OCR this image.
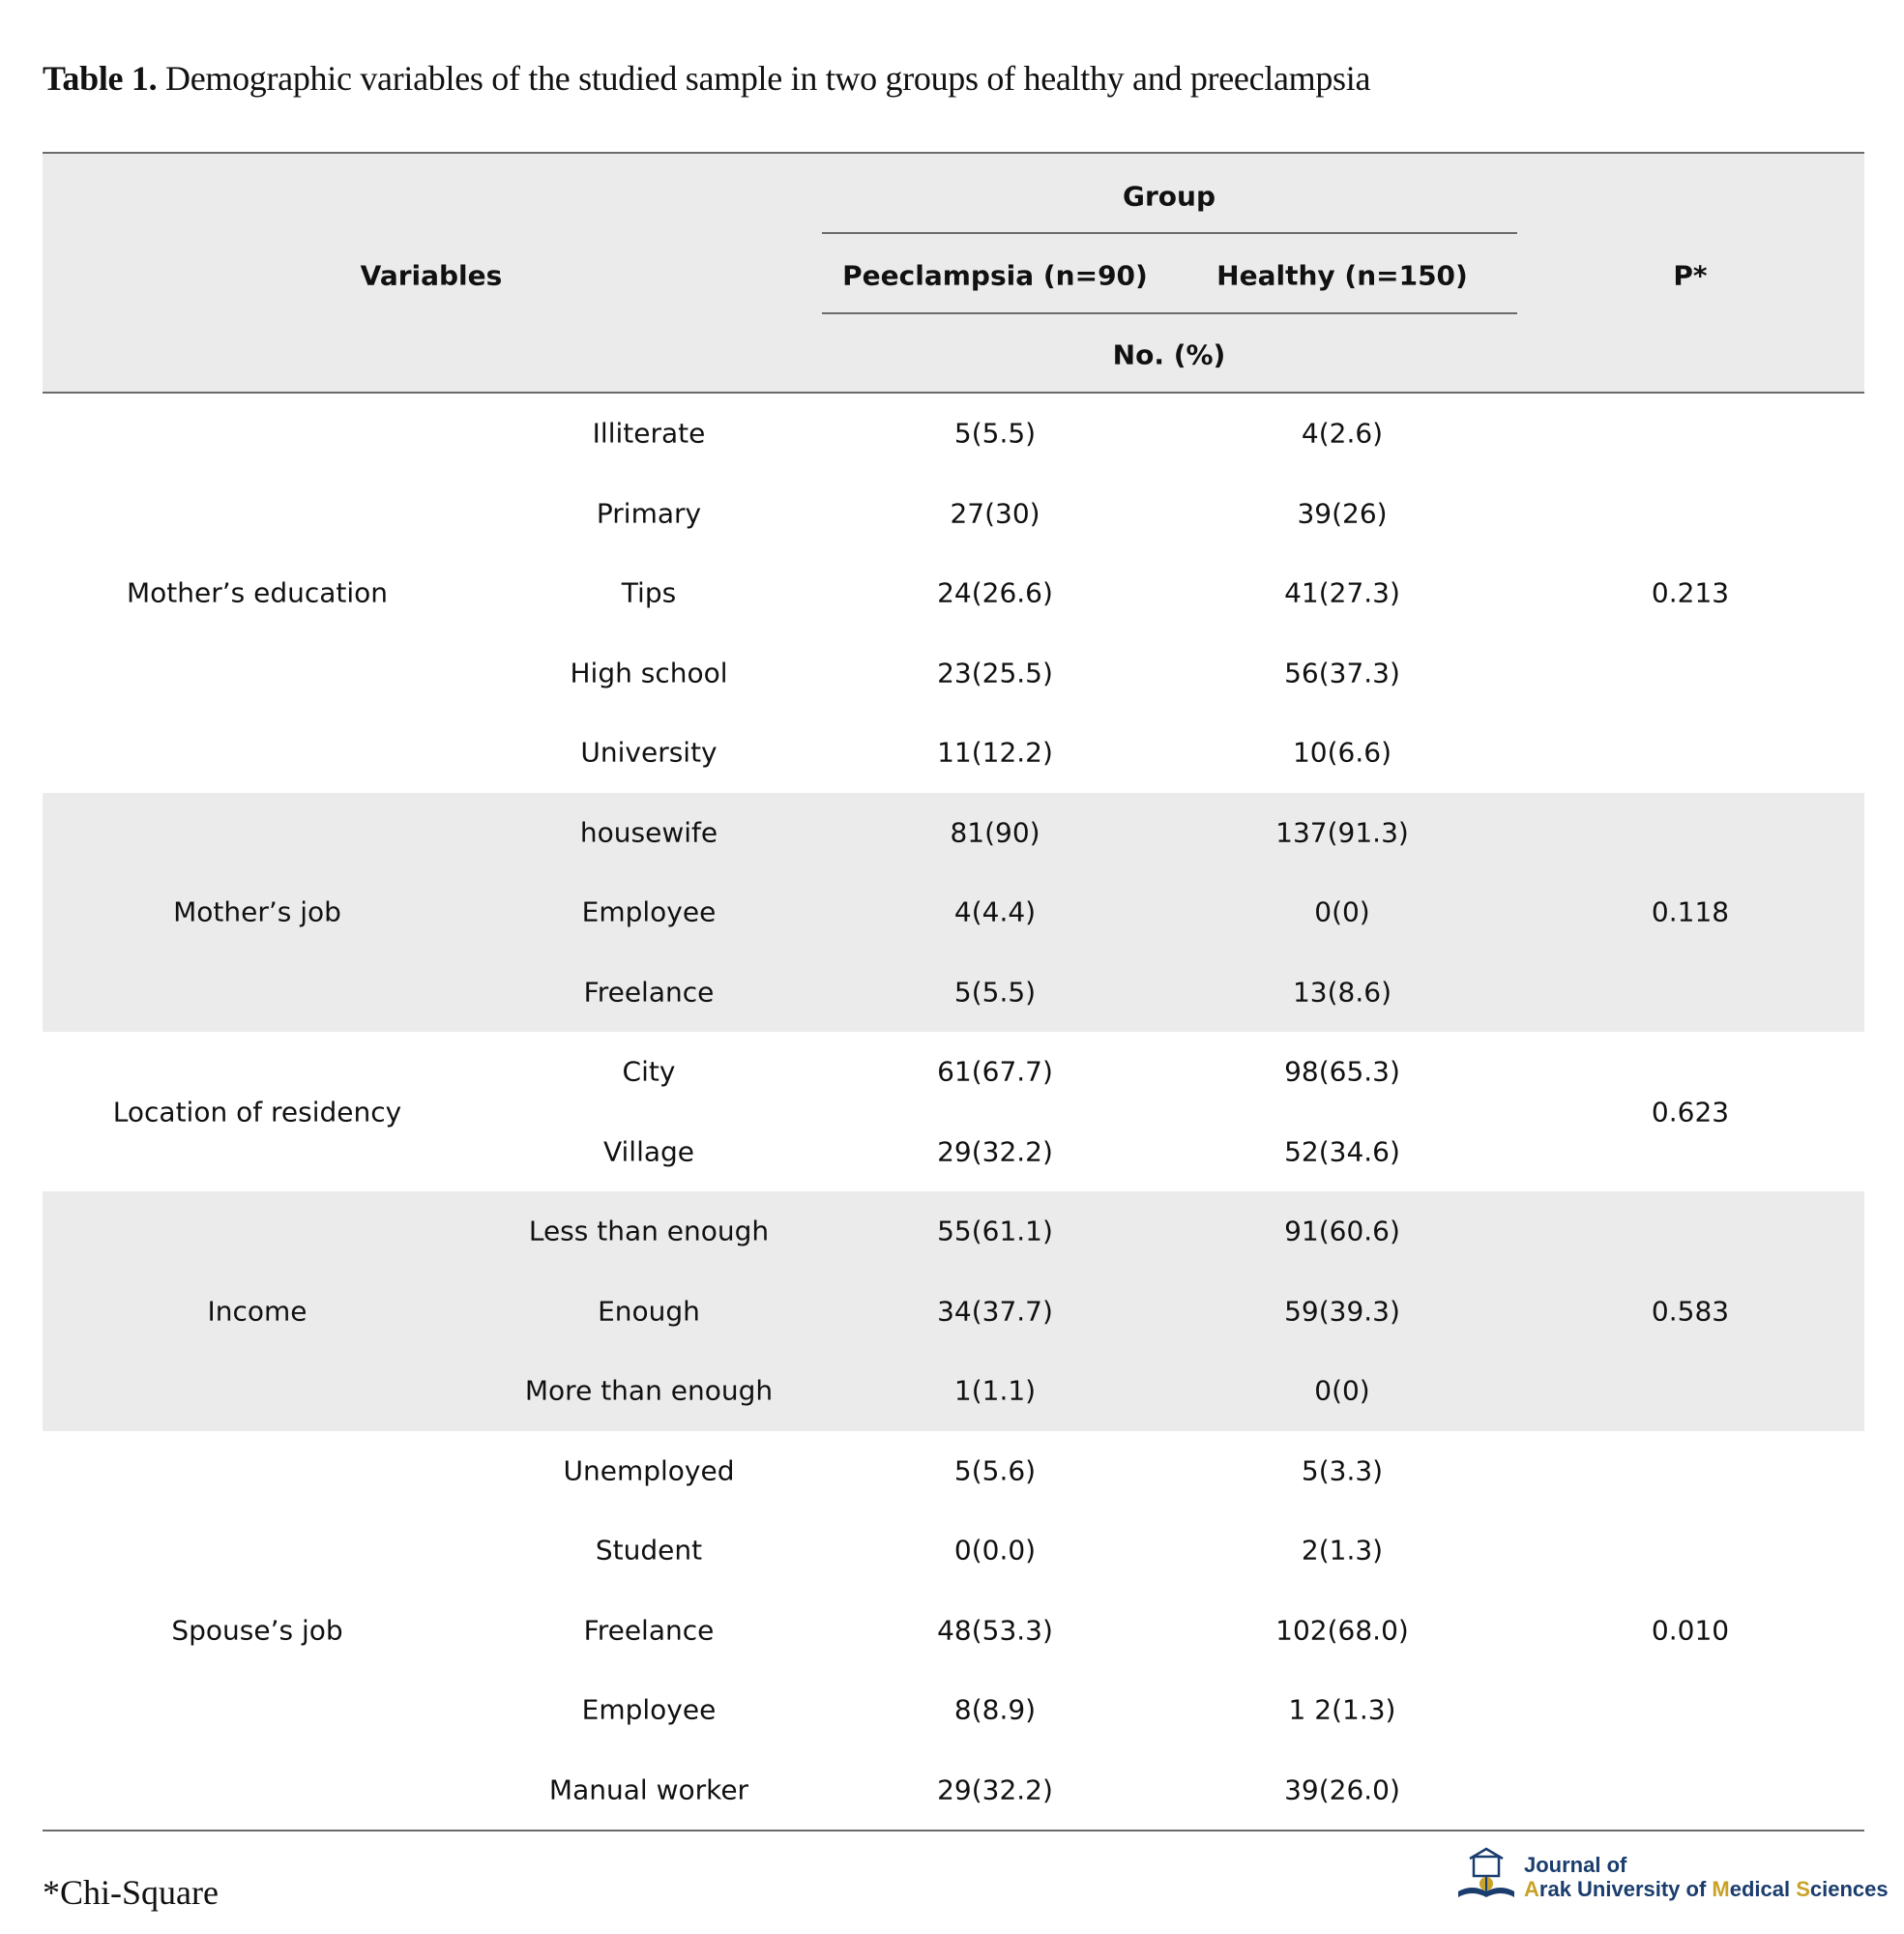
Table 1. Demographic variables of the studied sample in two groups of healthy and preeclampsia
Variables
Group
Peeclampsia (n=90)	Healthy (n=150)
No. (%)
P*
Mother’s education	0.213
Illiterate	5(5.5)	4(2.6)
Primary	27(30)	39(26)
Tips	24(26.6)	41(27.3)
High school	23(25.5)	56(37.3)
University	11(12.2)	10(6.6)
Mother’s job	0.118
housewife	81(90)	137(91.3)
Employee	4(4.4)	0(0)
Freelance	5(5.5)	13(8.6)
Location of residency	0.623
City	61(67.7)	98(65.3)
Village	29(32.2)	52(34.6)
Income	0.583
Less than enough	55(61.1)	91(60.6)
Enough	34(37.7)	59(39.3)
More than enough	1(1.1)	0(0)
Spouse’s job	0.010
Unemployed	5(5.6)	5(3.3)
Student	0(0.0)	2(1.3)
Freelance	48(53.3)	102(68.0)
Employee	8(8.9)	1 2(1.3)
Manual worker	29(32.2)	39(26.0)
*Chi-Square
Journal of
Arak University of Medical Sciences
